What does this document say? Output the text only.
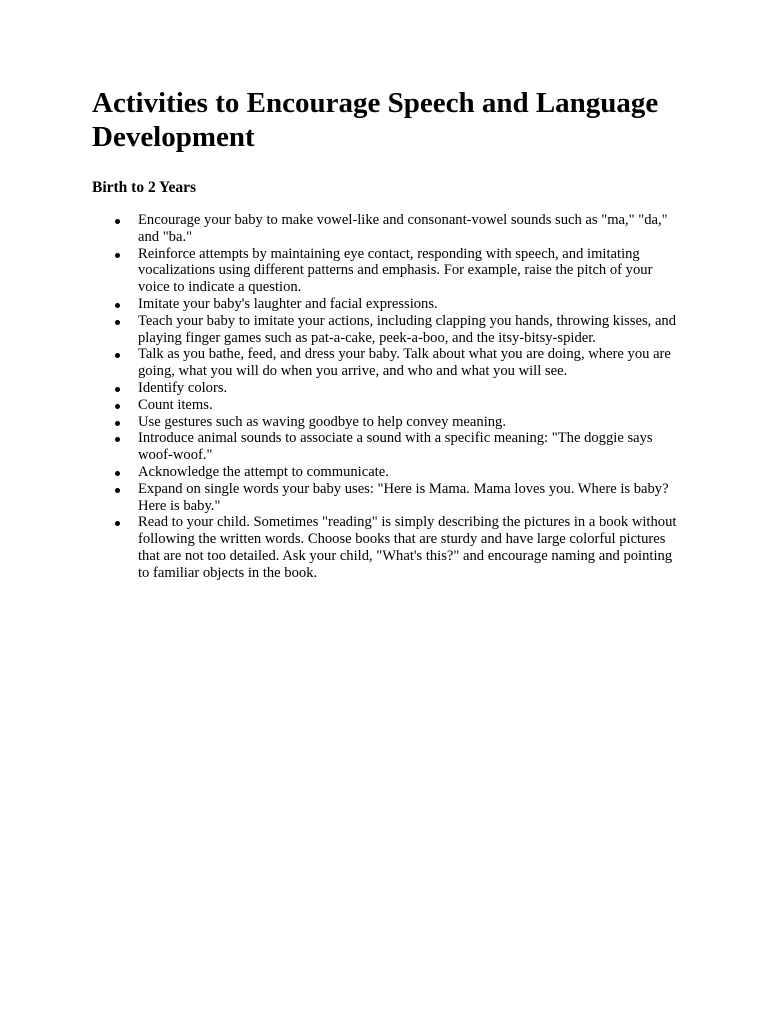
Activities to Encourage Speech and Language Development
Birth to 2 Years
Encourage your baby to make vowel-like and consonant-vowel sounds such as "ma," "da," and "ba."
Reinforce attempts by maintaining eye contact, responding with speech, and imitating vocalizations using different patterns and emphasis. For example, raise the pitch of your voice to indicate a question.
Imitate your baby's laughter and facial expressions.
Teach your baby to imitate your actions, including clapping you hands, throwing kisses, and playing finger games such as pat-a-cake, peek-a-boo, and the itsy-bitsy-spider.
Talk as you bathe, feed, and dress your baby. Talk about what you are doing, where you are going, what you will do when you arrive, and who and what you will see.
Identify colors.
Count items.
Use gestures such as waving goodbye to help convey meaning.
Introduce animal sounds to associate a sound with a specific meaning: "The doggie says woof-woof."
Acknowledge the attempt to communicate.
Expand on single words your baby uses: "Here is Mama. Mama loves you. Where is baby? Here is baby."
Read to your child. Sometimes "reading" is simply describing the pictures in a book without following the written words. Choose books that are sturdy and have large colorful pictures that are not too detailed. Ask your child, "What's this?" and encourage naming and pointing to familiar objects in the book.
